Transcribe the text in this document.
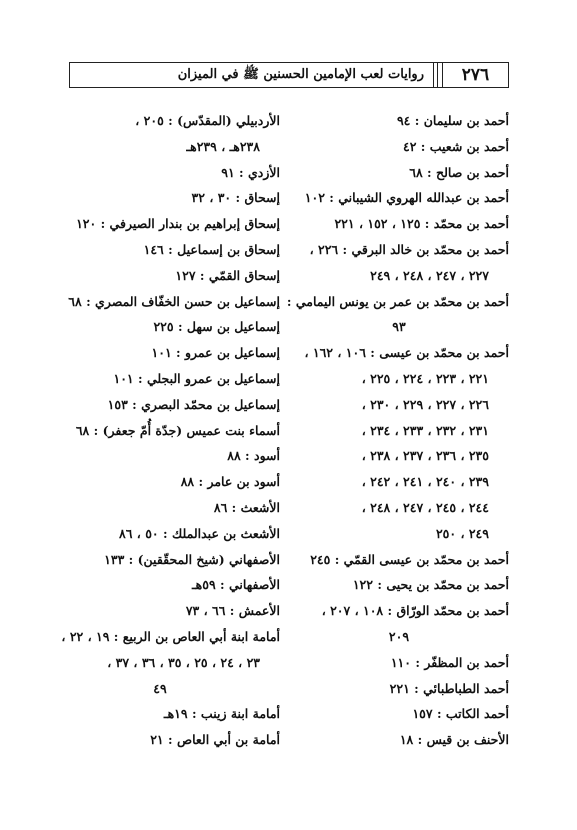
٢٧٦
روايات لعب الإمامين الحسنين ﷺ في الميزان
أحمد بن سليمان : ٩٤
أحمد بن شعيب : ٤٢
أحمد بن صالح : ٦٨
أحمد بن عبدالله الهروي الشيباني : ١٠٢
أحمد بن محمّد : ١٢٥ ، ١٥٢ ، ٢٢١
أحمد بن محمّد بن خالد البرقي : ٢٢٦ ،
٢٢٧ ، ٢٤٧ ، ٢٤٨ ، ٢٤٩
أحمد بن محمّد بن عمر بن يونس اليمامي :
٩٣
أحمد بن محمّد بن عيسى : ١٠٦ ، ١٦٢ ،
٢٢١ ، ٢٢٣ ، ٢٢٤ ، ٢٢٥ ،
٢٢٦ ، ٢٢٧ ، ٢٢٩ ، ٢٣٠ ،
٢٣١ ، ٢٣٢ ، ٢٣٣ ، ٢٣٤ ،
٢٣٥ ، ٢٣٦ ، ٢٣٧ ، ٢٣٨ ،
٢٣٩ ، ٢٤٠ ، ٢٤١ ، ٢٤٢ ،
٢٤٤ ، ٢٤٥ ، ٢٤٧ ، ٢٤٨ ،
٢٤٩ ، ٢٥٠
أحمد بن محمّد بن عيسى القمّي : ٢٤٥
أحمد بن محمّد بن يحيى : ١٢٢
أحمد بن محمّد الورّاق : ١٠٨ ، ٢٠٧ ،
٢٠٩
أحمد بن المظفّر : ١١٠
أحمد الطباطبائي : ٢٢١
أحمد الكاتب : ١٥٧
الأحنف بن قيس : ١٨
الأردبيلي (المقدّس) : ٢٠٥ ،
٢٣٨هـ ، ٢٣٩هـ
الأزدي : ٩١
إسحاق : ٣٠ ، ٣٢
إسحاق إبراهيم بن بندار الصيرفي : ١٢٠
إسحاق بن إسماعيل : ١٤٦
إسحاق القمّي : ١٢٧
إسماعيل بن حسن الخفّاف المصري : ٦٨
إسماعيل بن سهل : ٢٢٥
إسماعيل بن عمرو : ١٠١
إسماعيل بن عمرو البجلي : ١٠١
إسماعيل بن محمّد البصري : ١٥٣
أسماء بنت عميس (جدّة أُمّ جعفر) : ٦٨
أسود : ٨٨
أسود بن عامر : ٨٨
الأشعث : ٨٦
الأشعث بن عبدالملك : ٥٠ ، ٨٦
الأصفهاني (شيخ المحقّقين) : ١٣٣
الأصفهاني : ٥٩هـ
الأعمش : ٦٦ ، ٧٣
أمامة ابنة أبي العاص بن الربيع : ١٩ ، ٢٢ ،
٢٣ ، ٢٤ ، ٢٥ ، ٣٥ ، ٣٦ ، ٣٧ ،
٤٩
أمامة ابنة زينب : ١٩هـ
أمامة بن أبي العاص : ٢١
